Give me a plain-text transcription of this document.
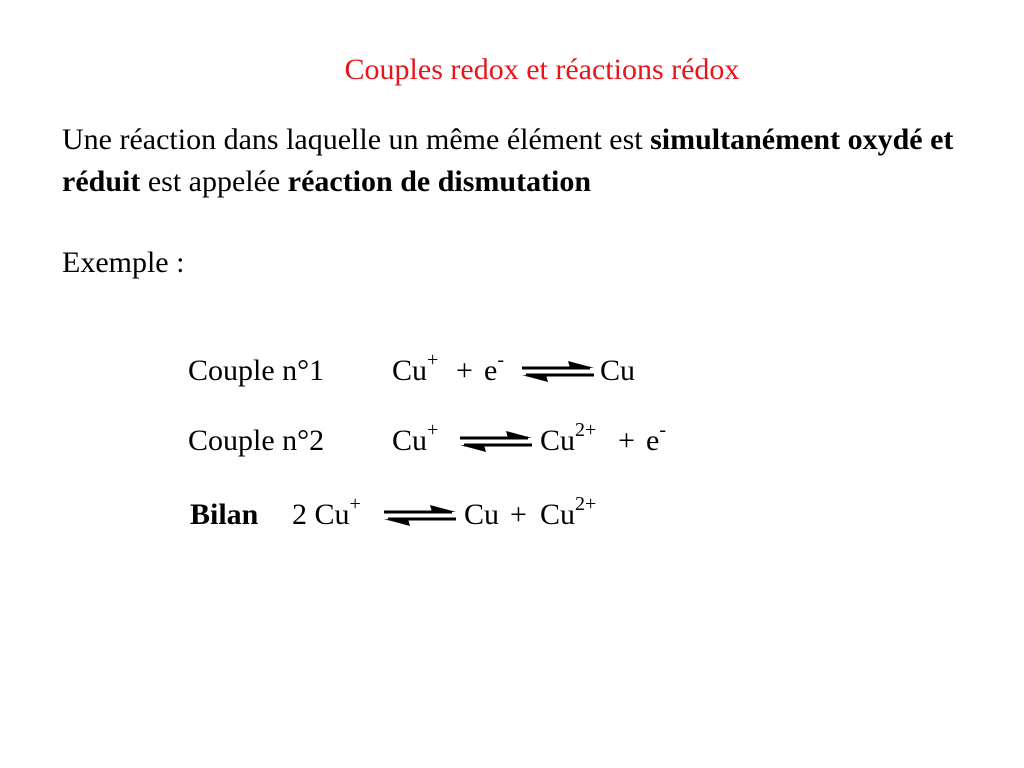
Couples redox et réactions rédox
Une réaction dans laquelle un même élément est simultanément oxydé et réduit est appelée réaction de dismutation
Exemple :
Couple n°1 Cu+ + e- ⇌ Cu
Couple n°2 Cu+ ⇌ $Cu^{2+} + e^-$
Bilan 2 Cu+ ⇌ $Cu + Cu^{2+}$
